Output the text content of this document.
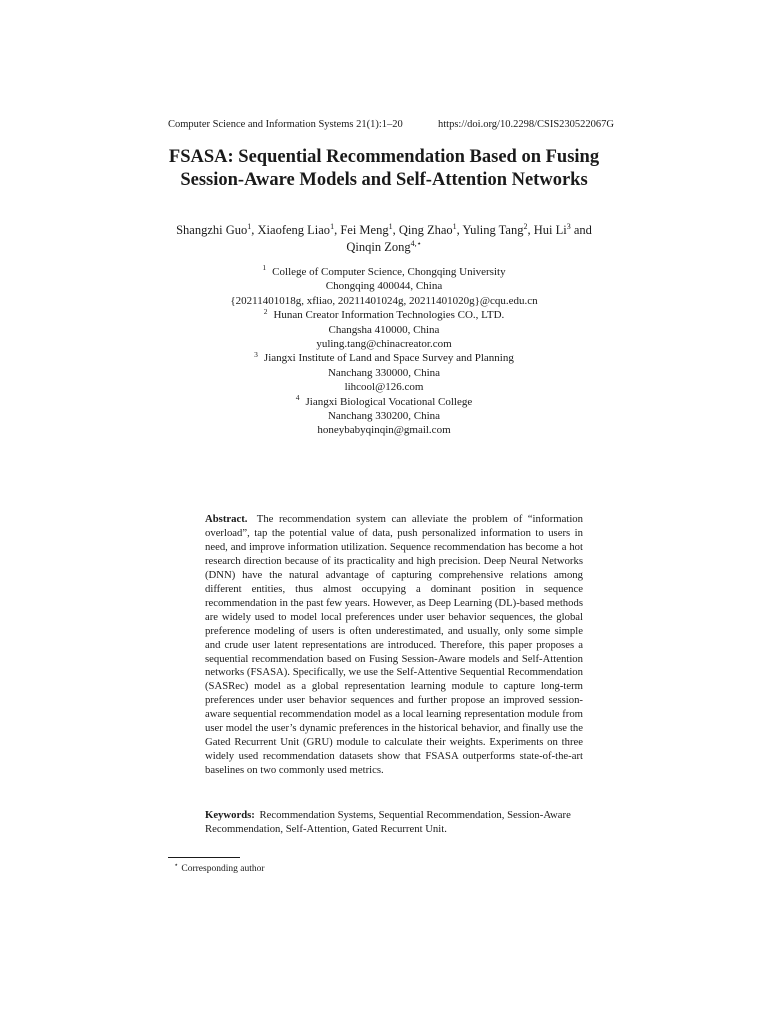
Computer Science and Information Systems 21(1):1–20	https://doi.org/10.2298/CSIS230522067G
FSASA: Sequential Recommendation Based on Fusing
Session-Aware Models and Self-Attention Networks
Shangzhi Guo$^1$, Xiaofeng Liao$^1$, Fei Meng$^1$, Qing Zhao$^1$, Yuling Tang$^2$, Hui Li$^3$ and
Qinqin Zong$^{4,⋆}$
$^1$ College of Computer Science, Chongqing University
Chongqing 400044, China
{20211401018g, xfliao, 20211401024g, 20211401020g}@cqu.edu.cn
$^2$ Hunan Creator Information Technologies CO., LTD.
Changsha 410000, China
yuling.tang@chinacreator.com
$^3$ Jiangxi Institute of Land and Space Survey and Planning
Nanchang 330000, China
lihcool@126.com
$^4$ Jiangxi Biological Vocational College
Nanchang 330200, China
honeybabyqinqin@gmail.com

Abstract. The recommendation system can alleviate the problem of “information overload”, tap the potential value of data, push personalized information to users in need, and improve information utilization. Sequence recommendation has become a hot research direction because of its practicality and high precision. Deep Neural Networks (DNN) have the natural advantage of capturing comprehensive relations among different entities, thus almost occupying a dominant position in sequence recommendation in the past few years. However, as Deep Learning (DL)-based methods are widely used to model local preferences under user behavior sequences, the global preference modeling of users is often underestimated, and usually, only some simple and crude user latent representations are introduced. Therefore, this paper proposes a sequential recommendation based on Fusing Session-Aware models and Self-Attention networks (FSASA). Specifically, we use the Self-Attentive Sequential Recommendation (SASRec) model as a global representation learning module to capture long-term preferences under user behavior sequences and further propose an improved session-aware sequential recommendation model as a local learning representation module from user model the user’s dynamic preferences in the historical behavior, and finally use the Gated Recurrent Unit (GRU) module to calculate their weights. Experiments on three widely used recommendation datasets show that FSASA outperforms state-of-the-art baselines on two commonly used metrics.

Keywords: Recommendation Systems, Sequential Recommendation, Session-Aware Recommendation, Self-Attention, Gated Recurrent Unit.

⋆ Corresponding author
